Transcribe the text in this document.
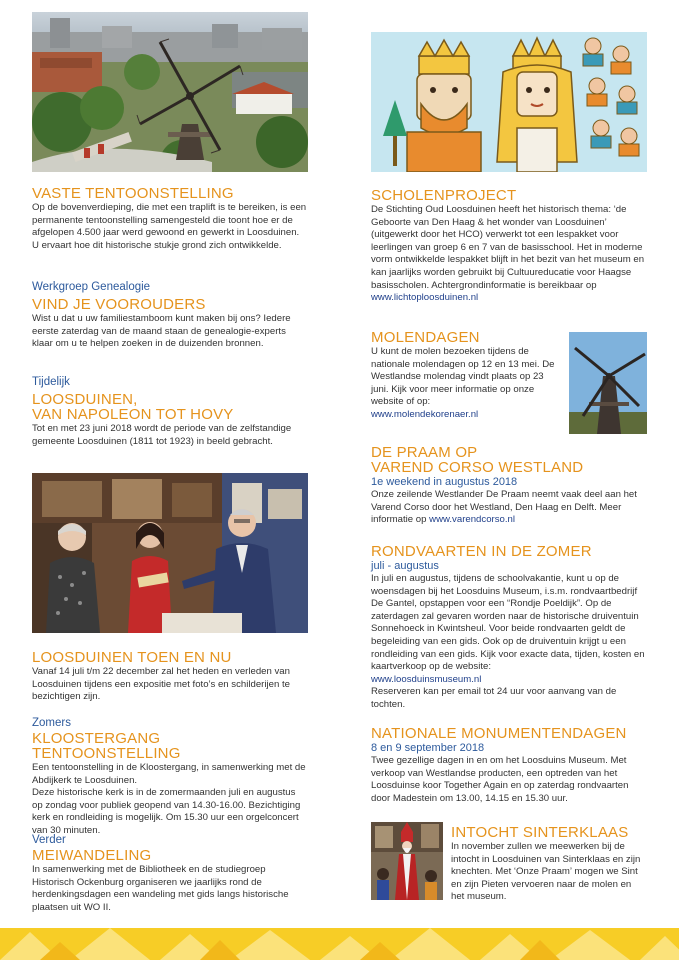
VASTE TENTOONSTELLING
Op de bovenverdieping, die met een traplift is te bereiken, is een permanente tentoonstelling samengesteld die toont hoe er de afgelopen 4.500 jaar werd gewoond en gewerkt in Loosduinen. U ervaart hoe dit historische stukje grond zich ontwikkelde.
Werkgroep Genealogie
VIND JE VOOROUDERS
Wist u dat u uw familiestamboom kunt maken bij ons? Iedere eerste zaterdag van de maand staan de genealogie-experts klaar om u te helpen zoeken in de duizenden bronnen.
Tijdelijk
LOOSDUINEN,
VAN NAPOLEON TOT HOVY
Tot en met 23 juni 2018 wordt de periode van de zelfstandige gemeente Loosduinen (1811 tot 1923) in beeld gebracht.
LOOSDUINEN TOEN EN NU
Vanaf 14 juli t/m 22 december zal het heden en verleden van Loosduinen tijdens een expositie met foto’s en schilderijen te bezichtigen zijn.
Zomers
KLOOSTERGANG TENTOONSTELLING
Een tentoonstelling in de Kloostergang, in samenwerking met de Abdijkerk te Loosduinen.
Deze historische kerk is in de zomermaanden juli en augustus op zondag voor publiek geopend van 14.30-16.00. Bezichtiging kerk en rondleiding is mogelijk. Om 15.30 uur een orgelconcert van 30 minuten.
Verder
MEIWANDELING
In samenwerking met de Bibliotheek en de studiegroep Historisch Ockenburg organiseren we jaarlijks rond de herdenkingsdagen een wandeling met gids langs historische plaatsen uit WO II.
SCHOLENPROJECT
De Stichting Oud Loosduinen heeft het historisch thema: ‘de Geboorte van Den Haag & het wonder van Loosduinen’ (uitgewerkt door het HCO) verwerkt tot een lespakket voor leerlingen van groep 6 en 7 van de basisschool. Het in moderne vorm ontwikkelde lespakket blijft in het bezit van het museum en kan jaarlijks worden gebruikt bij Cultuureducatie voor Haagse basisscholen. Achtergrondinformatie is bereikbaar op
www.lichtoploosduinen.nl
MOLENDAGEN
U kunt de molen bezoeken tijdens de nationale molendagen op 12 en 13 mei. De Westlandse molendag vindt plaats op 23 juni. Kijk voor meer informatie op onze website of op:
www.molendekorenaer.nl
DE PRAAM OP
VAREND CORSO WESTLAND
1e weekend in augustus 2018
Onze zeilende Westlander De Praam neemt vaak deel aan het Varend Corso door het Westland, Den Haag en Delft. Meer informatie op www.varendcorso.nl
RONDVAARTEN IN DE ZOMER
juli - augustus
In juli en augustus, tijdens de schoolvakantie, kunt u op de woensdagen bij het Loosduins Museum, i.s.m. rondvaartbedrijf De Gantel, opstappen voor een “Rondje Poeldijk”. Op de zaterdagen zal gevaren worden naar de historische druiventuin Sonnehoeck in Kwintsheul. Voor beide rondvaarten geldt de begeleiding van een gids. Ook op de druiventuin krijgt u een rondleiding van een gids. Kijk voor exacte data, tijden, kosten en kaartverkoop op de website:
www.loosduinsmuseum.nl
Reserveren kan per email tot 24 uur voor aanvang van de tochten.
NATIONALE MONUMENTENDAGEN
8 en 9 september 2018
Twee gezellige dagen in en om het Loosduins Museum. Met verkoop van Westlandse producten, een optreden van het Loosduinse koor Together Again en op zaterdag rondvaarten door Madestein om 13.00, 14.15 en 15.30 uur.
INTOCHT SINTERKLAAS
In november zullen we meewerken bij de intocht in Loosduinen van Sinterklaas en zijn knechten. Met ‘Onze Praam’ mogen we Sint en zijn Pieten vervoeren naar de molen en het museum.
